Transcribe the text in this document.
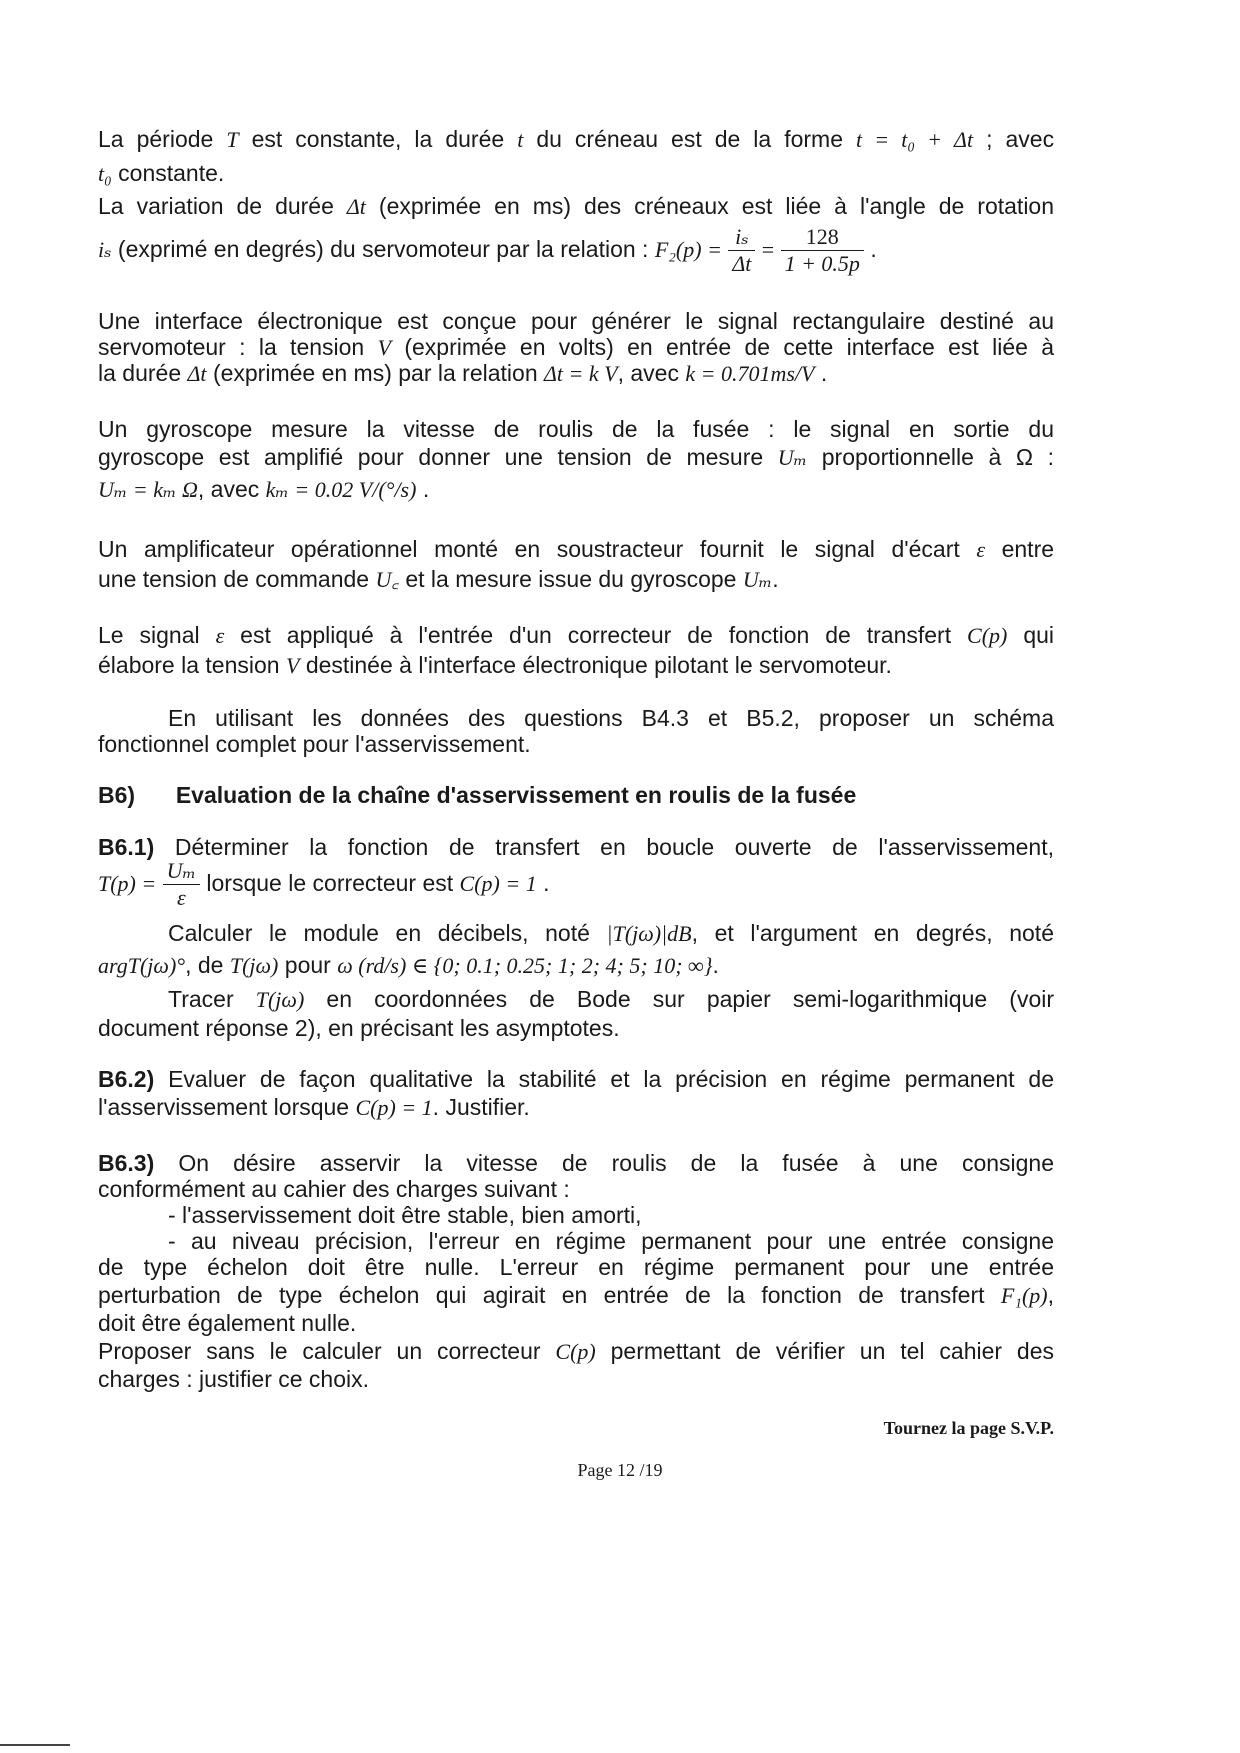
La période T est constante, la durée t du créneau est de la forme t = t₀ + Δt ; avec
t₀ constante.
La variation de durée Δt (exprimée en ms) des créneaux est liée à l'angle de rotation
iₛ (exprimé en degrés) du servomoteur par la relation : $F_2(p) = \frac{\text{iₛ}}{\Delta t} = \frac{128}{1 + 0.5p}$ .
Une interface électronique est conçue pour générer le signal rectangulaire destiné au
servomoteur : la tension V (exprimée en volts) en entrée de cette interface est liée à
la durée Δt (exprimée en ms) par la relation Δt = k V, avec k = 0.701ms/V .
Un gyroscope mesure la vitesse de roulis de la fusée : le signal en sortie du
gyroscope est amplifié pour donner une tension de mesure Uₘ proportionnelle à Ω :
Uₘ = kₘ Ω, avec kₘ = 0.02 V/(°/s) .
Un amplificateur opérationnel monté en soustracteur fournit le signal d'écart ε entre
une tension de commande U꜀ et la mesure issue du gyroscope Uₘ.
Le signal ε est appliqué à l'entrée d'un correcteur de fonction de transfert C(p) qui
élabore la tension V destinée à l'interface électronique pilotant le servomoteur.
En utilisant les données des questions B4.3 et B5.2, proposer un schéma
fonctionnel complet pour l'asservissement.
B6) Evaluation de la chaîne d'asservissement en roulis de la fusée
B6.1) Déterminer la fonction de transfert en boucle ouverte de l'asservissement,
$T(p) = \frac{\text{Uₘ}}{\varepsilon}$ lorsque le correcteur est C(p) = 1 .
Calculer le module en décibels, noté |T(jω)|dB, et l'argument en degrés, noté
argT(jω)°, de T(jω) pour ω (rd/s) ∈ {0; 0.1; 0.25; 1; 2; 4; 5; 10; ∞}.
Tracer T(jω) en coordonnées de Bode sur papier semi-logarithmique (voir
document réponse 2), en précisant les asymptotes.
B6.2) Evaluer de façon qualitative la stabilité et la précision en régime permanent de
l'asservissement lorsque C(p) = 1. Justifier.
B6.3) On désire asservir la vitesse de roulis de la fusée à une consigne
conformément au cahier des charges suivant :
- l'asservissement doit être stable, bien amorti,
- au niveau précision, l'erreur en régime permanent pour une entrée consigne
de type échelon doit être nulle. L'erreur en régime permanent pour une entrée
perturbation de type échelon qui agirait en entrée de la fonction de transfert F₁(p),
doit être également nulle.
Proposer sans le calculer un correcteur C(p) permettant de vérifier un tel cahier des
charges : justifier ce choix.
Tournez la page S.V.P.
Page 12 /19
